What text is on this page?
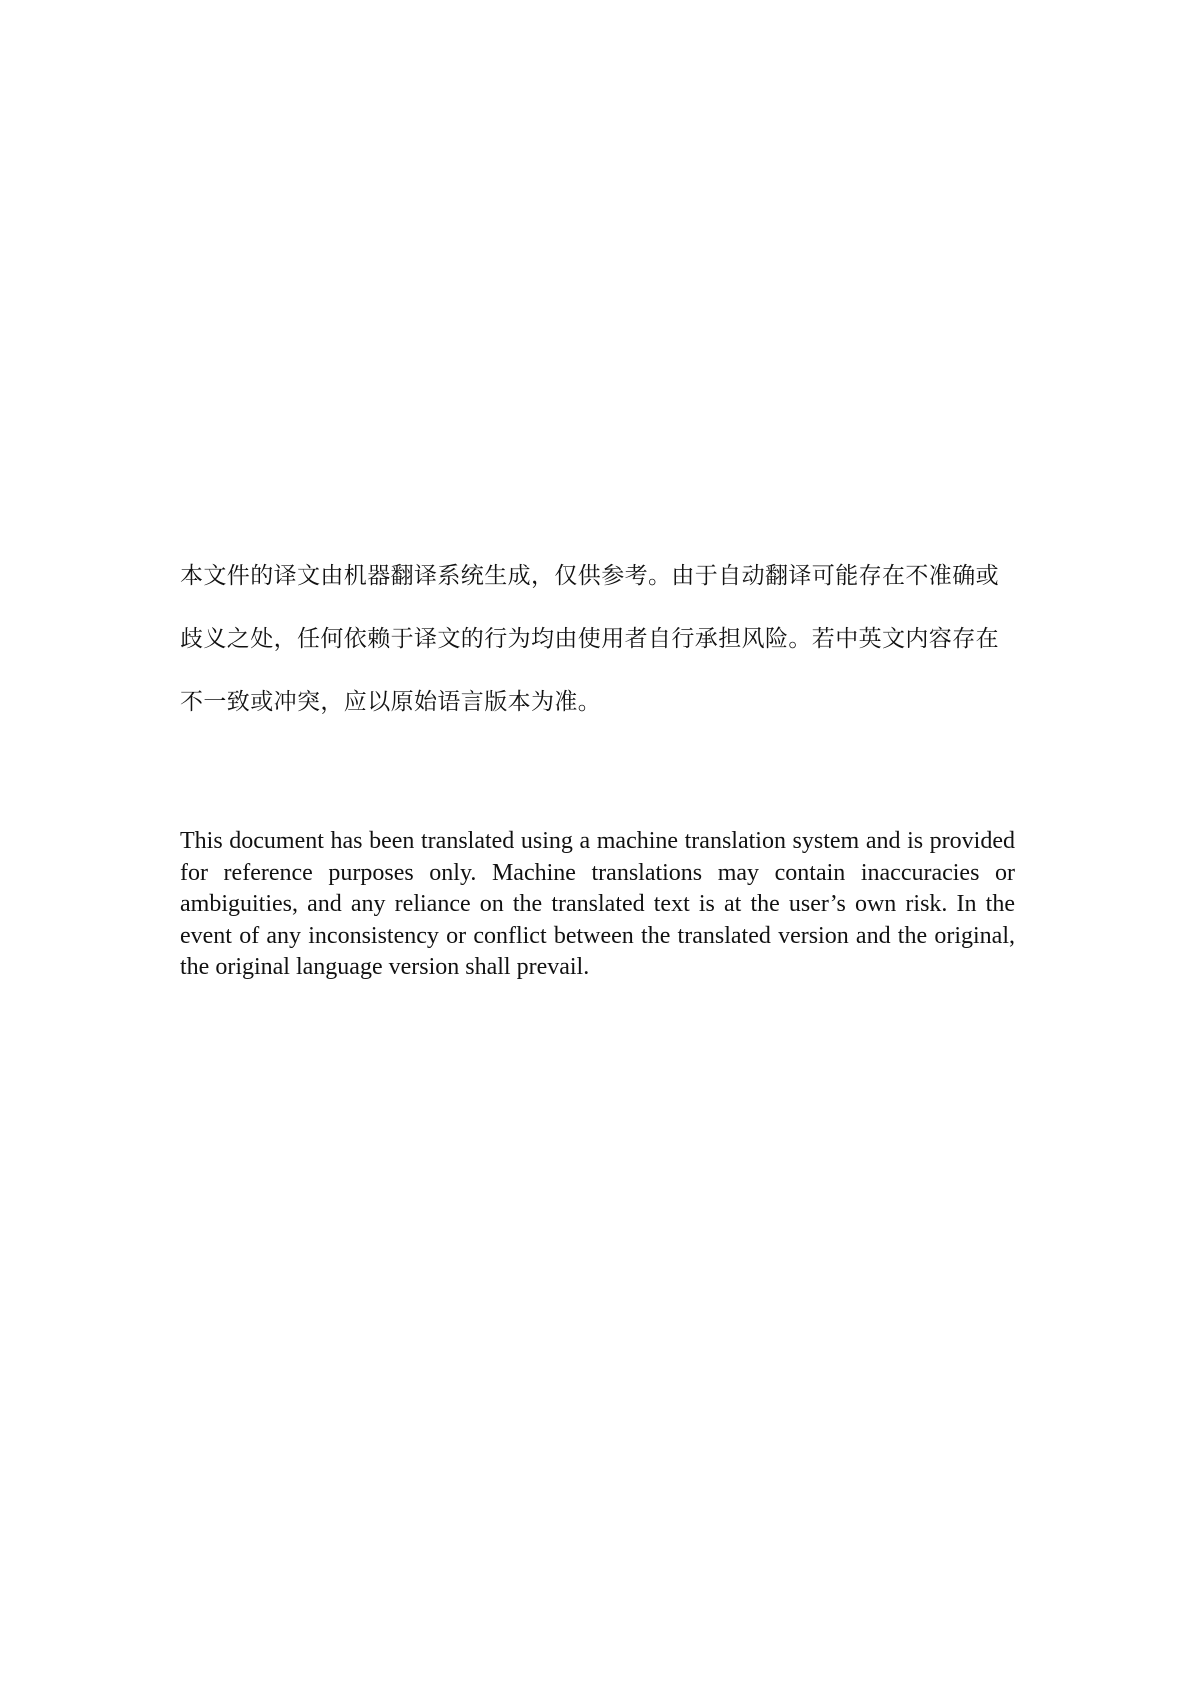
本文件的译文由机器翻译系统生成，仅供参考。由于自动翻译可能存在不准确或
歧义之处，任何依赖于译文的行为均由使用者自行承担风险。若中英文内容存在
不一致或冲突，应以原始语言版本为准。

This document has been translated using a machine translation system and is provided for reference purposes only. Machine translations may contain inaccuracies or ambiguities, and any reliance on the translated text is at the user’s own risk. In the event of any inconsistency or conflict between the translated version and the original, the original language version shall prevail.
